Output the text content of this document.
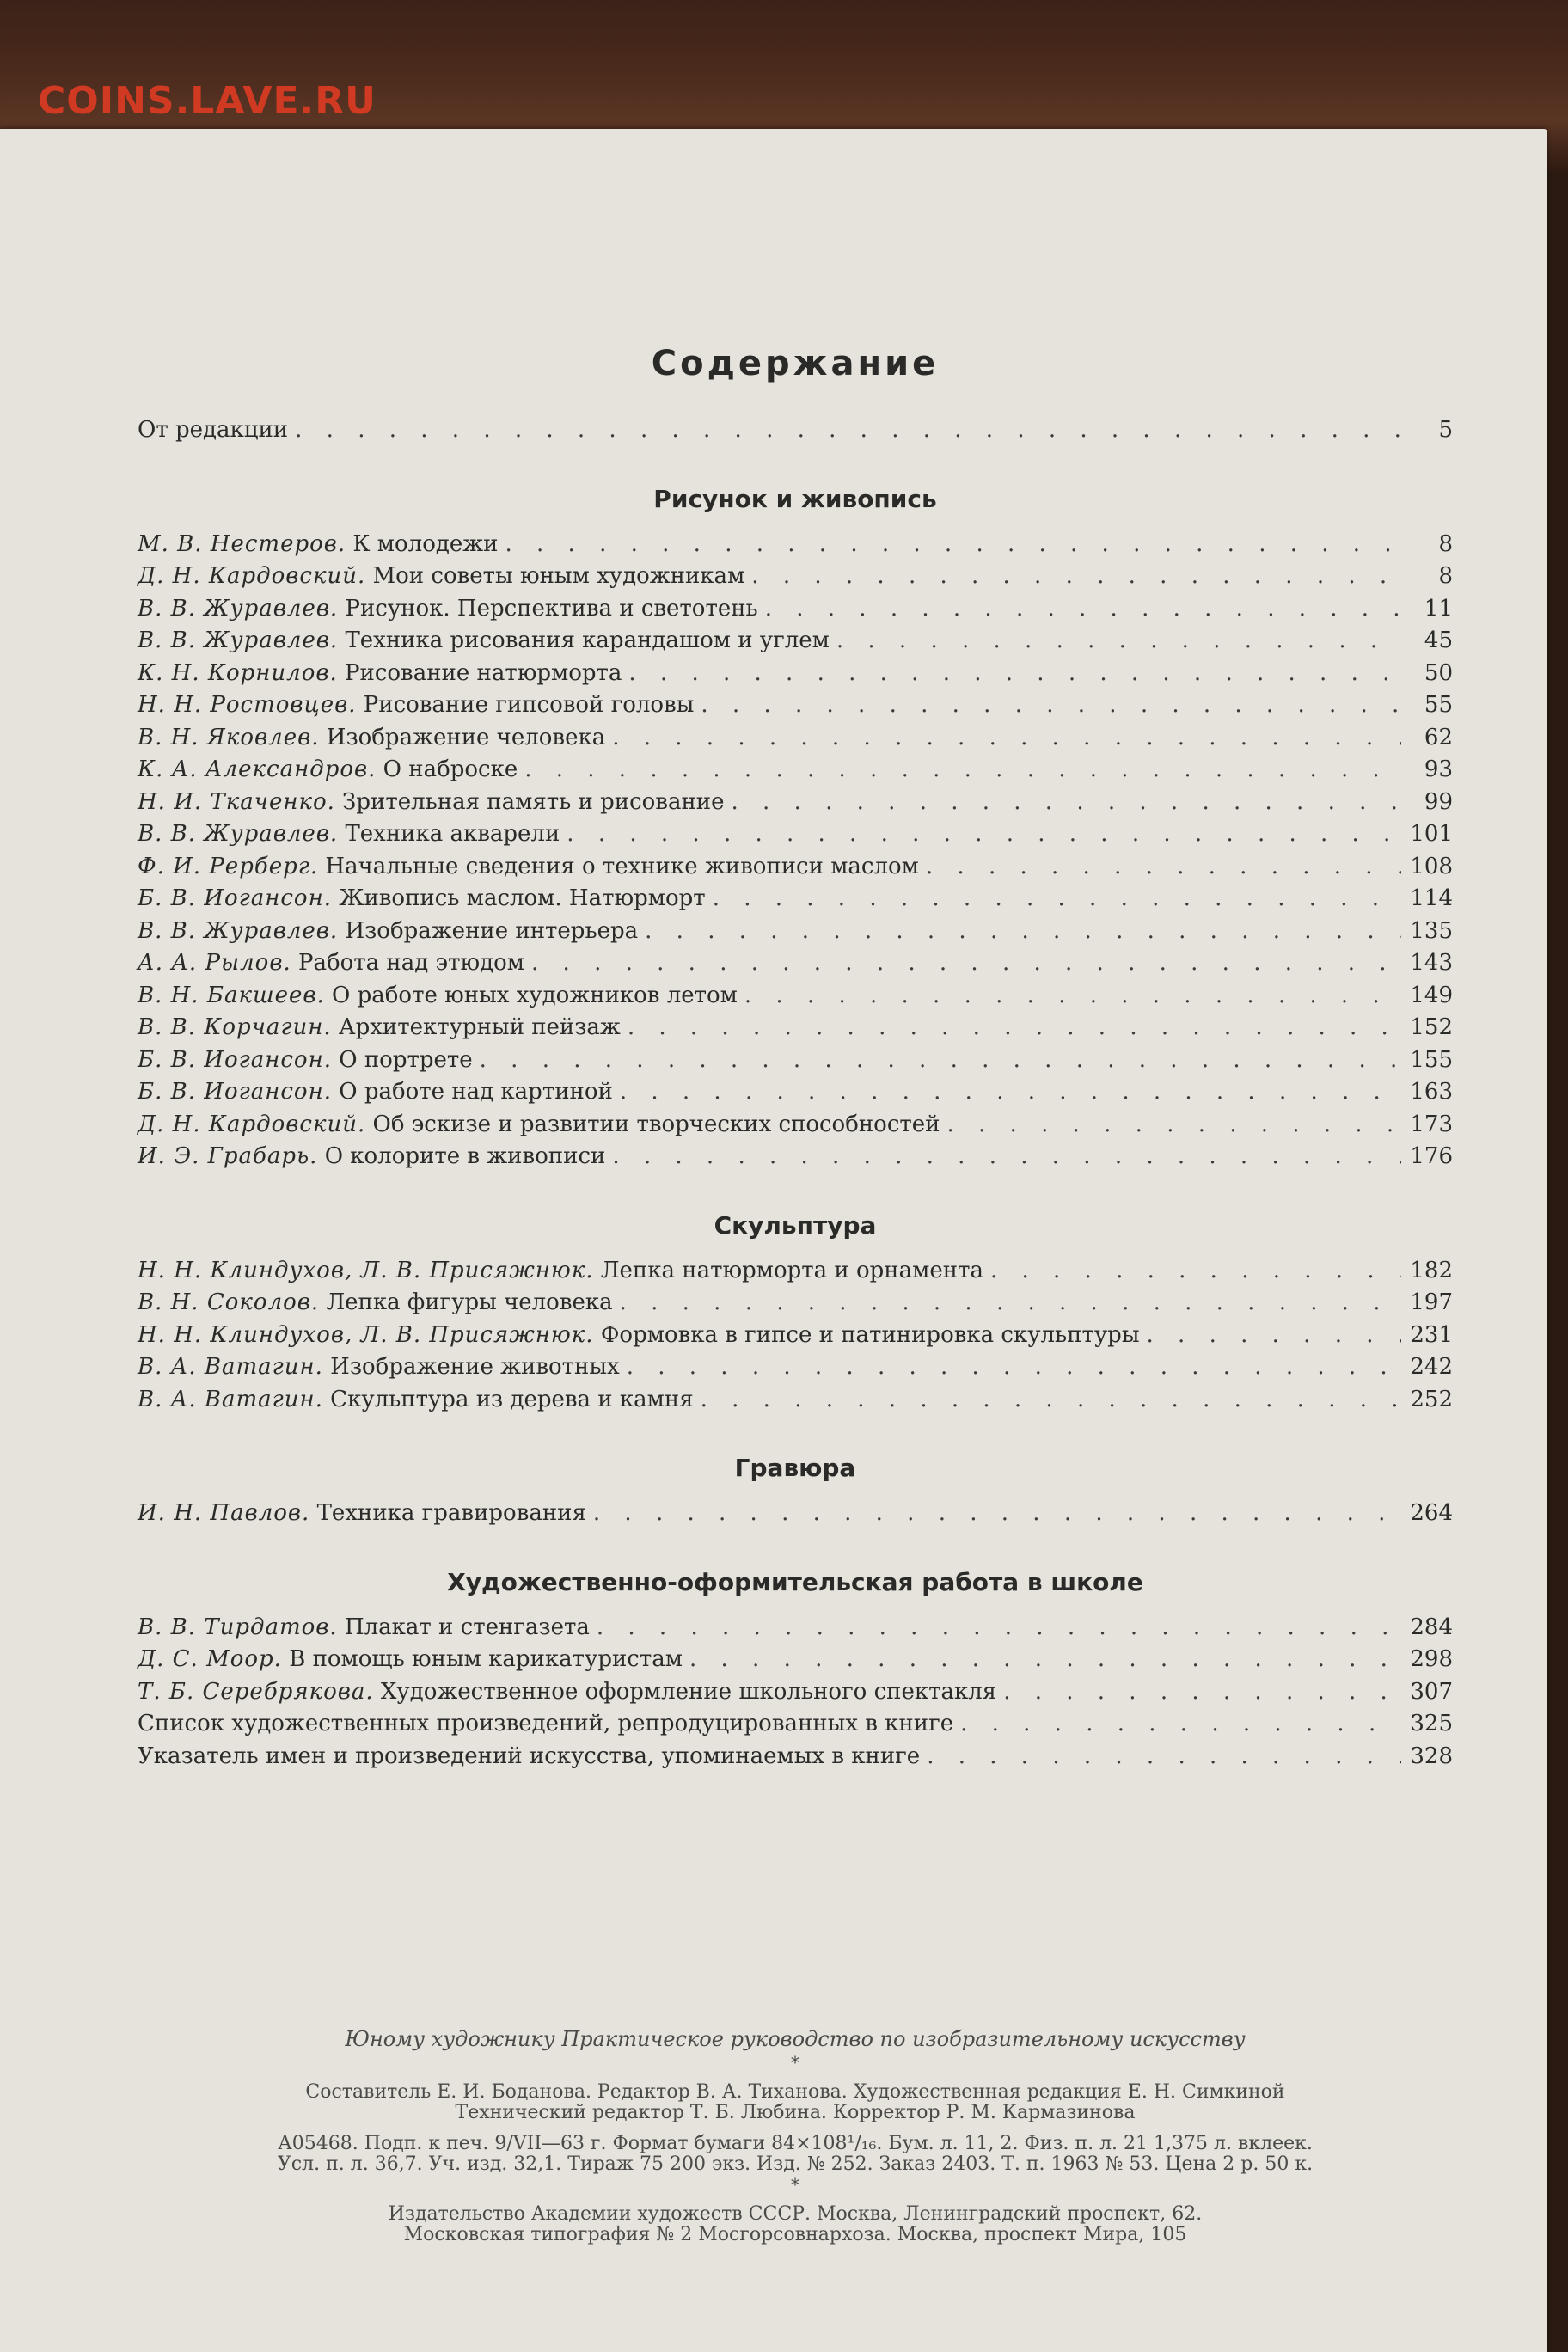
COINS.LAVE.RU
Содержание
От редакции . . .	5
Рисунок и живопись
М. В. Нестеров. К молодежи . . .	8
Д. Н. Кардовский. Мои советы юным художникам . . .	8
В. В. Журавлев. Рисунок. Перспектива и светотень . . .	11
В. В. Журавлев. Техника рисования карандашом и углем . . .	45
К. Н. Корнилов. Рисование натюрморта . . .	50
Н. Н. Ростовцев. Рисование гипсовой головы . . .	55
В. Н. Яковлев. Изображение человека . . .	62
К. А. Александров. О наброске . . .	93
Н. И. Ткаченко. Зрительная память и рисование . . .	99
В. В. Журавлев. Техника акварели . . .	101
Ф. И. Рерберг. Начальные сведения о технике живописи маслом . . .	108
Б. В. Иогансон. Живопись маслом. Натюрморт . . .	114
В. В. Журавлев. Изображение интерьера . . .	135
А. А. Рылов. Работа над этюдом . . .	143
В. Н. Бакшеев. О работе юных художников летом . . .	149
В. В. Корчагин. Архитектурный пейзаж . . .	152
Б. В. Иогансон. О портрете . . .	155
Б. В. Иогансон. О работе над картиной . . .	163
Д. Н. Кардовский. Об эскизе и развитии творческих способностей . . .	173
И. Э. Грабарь. О колорите в живописи . . .	176
Скульптура
Н. Н. Клиндухов, Л. В. Присяжнюк. Лепка натюрморта и орнамента . . .	182
В. Н. Соколов. Лепка фигуры человека . . .	197
Н. Н. Клиндухов, Л. В. Присяжнюк. Формовка в гипсе и патинировка скульптуры . . .	231
В. А. Ватагин. Изображение животных . . .	242
В. А. Ватагин. Скульптура из дерева и камня . . .	252
Гравюра
И. Н. Павлов. Техника гравирования . . .	264
Художественно-оформительская работа в школе
В. В. Тирдатов. Плакат и стенгазета . . .	284
Д. С. Моор. В помощь юным карикатуристам . . .	298
Т. Б. Серебрякова. Художественное оформление школьного спектакля . . .	307
Список художественных произведений, репродуцированных в книге . . .	325
Указатель имен и произведений искусства, упоминаемых в книге . . .	328
Юному художнику Практическое руководство по изобразительному искусству
*
Составитель Е. И. Боданова. Редактор В. А. Тиханова. Художественная редакция Е. Н. Симкиной
Технический редактор Т. Б. Любина. Корректор Р. М. Кармазинова
А05468. Подп. к печ. 9/VII—63 г. Формат бумаги 84×108¹/₁₆. Бум. л. 11, 2. Физ. п. л. 21 1,375 л. вклеек.
Усл. п. л. 36,7. Уч. изд. 32,1. Тираж 75 200 экз. Изд. № 252. Заказ 2403. Т. п. 1963 № 53. Цена 2 р. 50 к.
*
Издательство Академии художеств СССР. Москва, Ленинградский проспект, 62.
Московская типография № 2 Мосгорсовнархоза. Москва, проспект Мира, 105
